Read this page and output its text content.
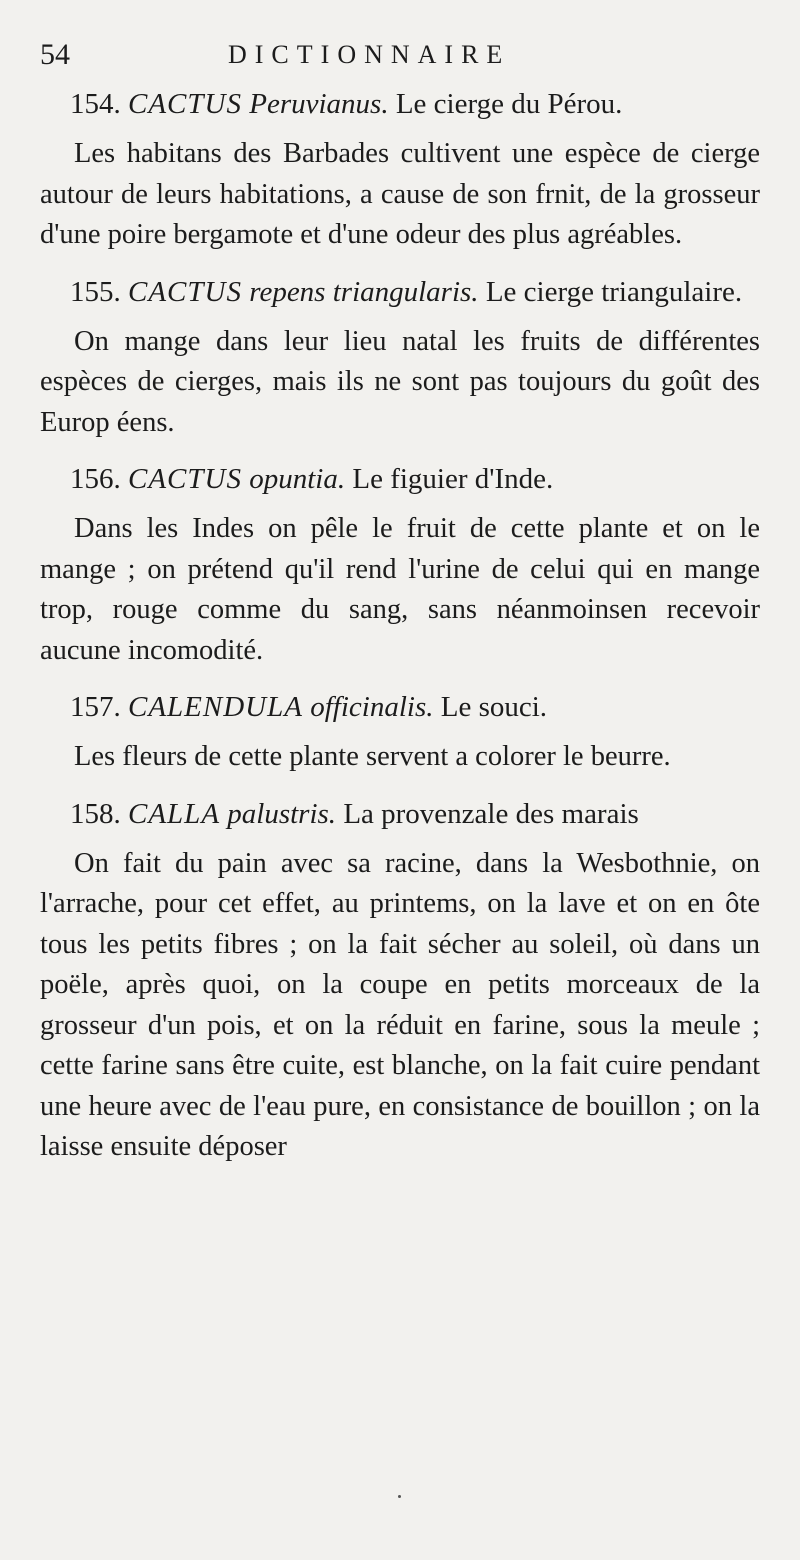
54	DICTIONNAIRE

154. CACTUS Peruvianus. Le cierge du Pérou.

Les habitans des Barbades cultivent une espèce de cierge autour de leurs habitations, a cause de son frnit, de la grosseur d'une poire bergamote et d'une odeur des plus agréables.

155. CACTUS repens triangularis. Le cierge triangulaire.

On mange dans leur lieu natal les fruits de différentes espèces de cierges, mais ils ne sont pas toujours du goût des Europ éens.

156. CACTUS opuntia. Le figuier d'Inde.

Dans les Indes on pêle le fruit de cette plante et on le mange ; on prétend qu'il rend l'urine de celui qui en mange trop, rouge comme du sang, sans néanmoinsen recevoir aucune incomodité.

157. CALENDULA officinalis. Le souci.

Les fleurs de cette plante servent a colorer le beurre.

158. CALLA palustris. La provenzale des marais

On fait du pain avec sa racine, dans la Wesbothnie, on l'arrache, pour cet effet, au printems, on la lave et on en ôte tous les petits fibres ; on la fait sécher au soleil, où dans un poële, après quoi, on la coupe en petits morceaux de la grosseur d'un pois, et on la réduit en farine, sous la meule ; cette farine sans être cuite, est blanche, on la fait cuire pendant une heure avec de l'eau pure, en consistance de bouillon ; on la laisse ensuite déposer
